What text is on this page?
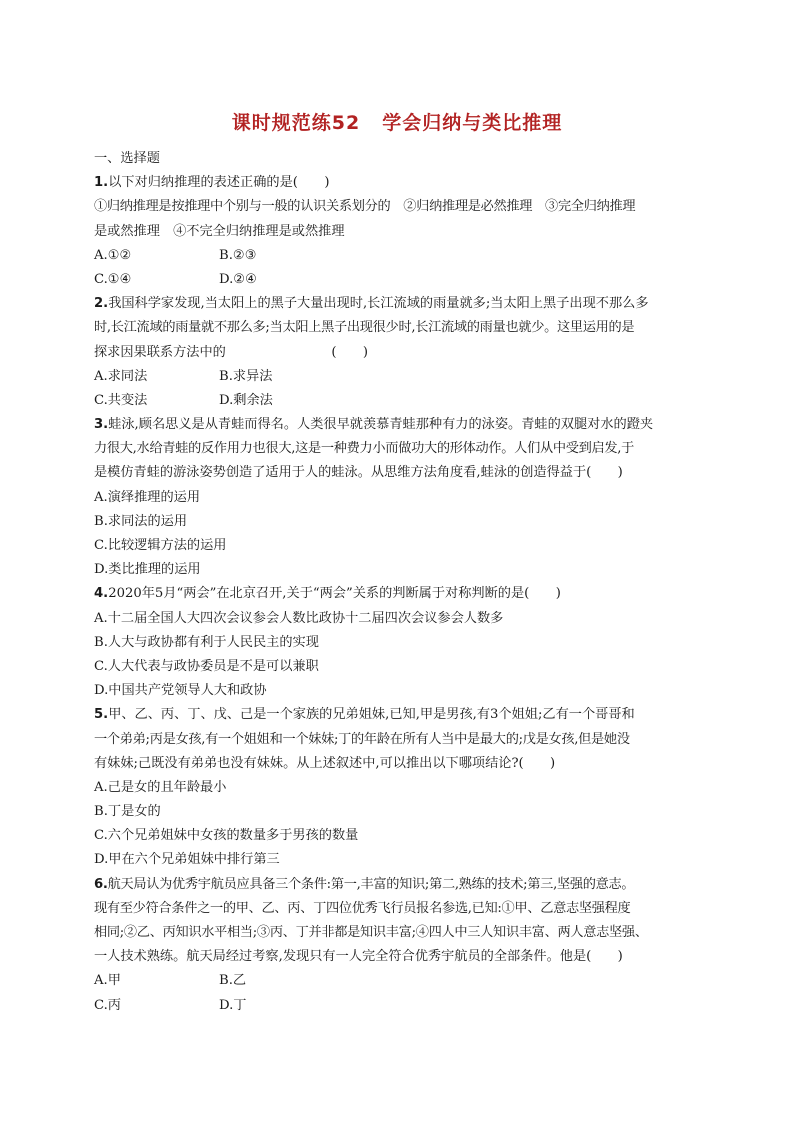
课时规范练52 学会归纳与类比推理
一、选择题
1.以下对归纳推理的表述正确的是(　　)
①归纳推理是按推理中个别与一般的认识关系划分的　②归纳推理是必然推理　③完全归纳推理
是或然推理　④不完全归纳推理是或然推理
A.①②	B.②③
C.①④	D.②④
2.我国科学家发现,当太阳上的黑子大量出现时,长江流域的雨量就多;当太阳上黑子出现不那么多
时,长江流域的雨量就不那么多;当太阳上黑子出现很少时,长江流域的雨量也就少。这里运用的是
探求因果联系方法中的　　　　　　　　(　　)
A.求同法	B.求异法
C.共变法	D.剩余法
3.蛙泳,顾名思义是从青蛙而得名。人类很早就羡慕青蛙那种有力的泳姿。青蛙的双腿对水的蹬夹
力很大,水给青蛙的反作用力也很大,这是一种费力小而做功大的形体动作。人们从中受到启发,于
是模仿青蛙的游泳姿势创造了适用于人的蛙泳。从思维方法角度看,蛙泳的创造得益于(　　)
A.演绎推理的运用
B.求同法的运用
C.比较逻辑方法的运用
D.类比推理的运用
4.2020年5月“两会”在北京召开,关于“两会”关系的判断属于对称判断的是(　　)
A.十二届全国人大四次会议参会人数比政协十二届四次会议参会人数多
B.人大与政协都有利于人民民主的实现
C.人大代表与政协委员是不是可以兼职
D.中国共产党领导人大和政协
5.甲、乙、丙、丁、戊、己是一个家族的兄弟姐妹,已知,甲是男孩,有3个姐姐;乙有一个哥哥和
一个弟弟;丙是女孩,有一个姐姐和一个妹妹;丁的年龄在所有人当中是最大的;戊是女孩,但是她没
有妹妹;己既没有弟弟也没有妹妹。从上述叙述中,可以推出以下哪项结论?(　　)
A.己是女的且年龄最小
B.丁是女的
C.六个兄弟姐妹中女孩的数量多于男孩的数量
D.甲在六个兄弟姐妹中排行第三
6.航天局认为优秀宇航员应具备三个条件:第一,丰富的知识;第二,熟练的技术;第三,坚强的意志。
现有至少符合条件之一的甲、乙、丙、丁四位优秀飞行员报名参选,已知:①甲、乙意志坚强程度
相同;②乙、丙知识水平相当;③丙、丁并非都是知识丰富;④四人中三人知识丰富、两人意志坚强、
一人技术熟练。航天局经过考察,发现只有一人完全符合优秀宇航员的全部条件。他是(　　)
A.甲	B.乙
C.丙	D.丁
